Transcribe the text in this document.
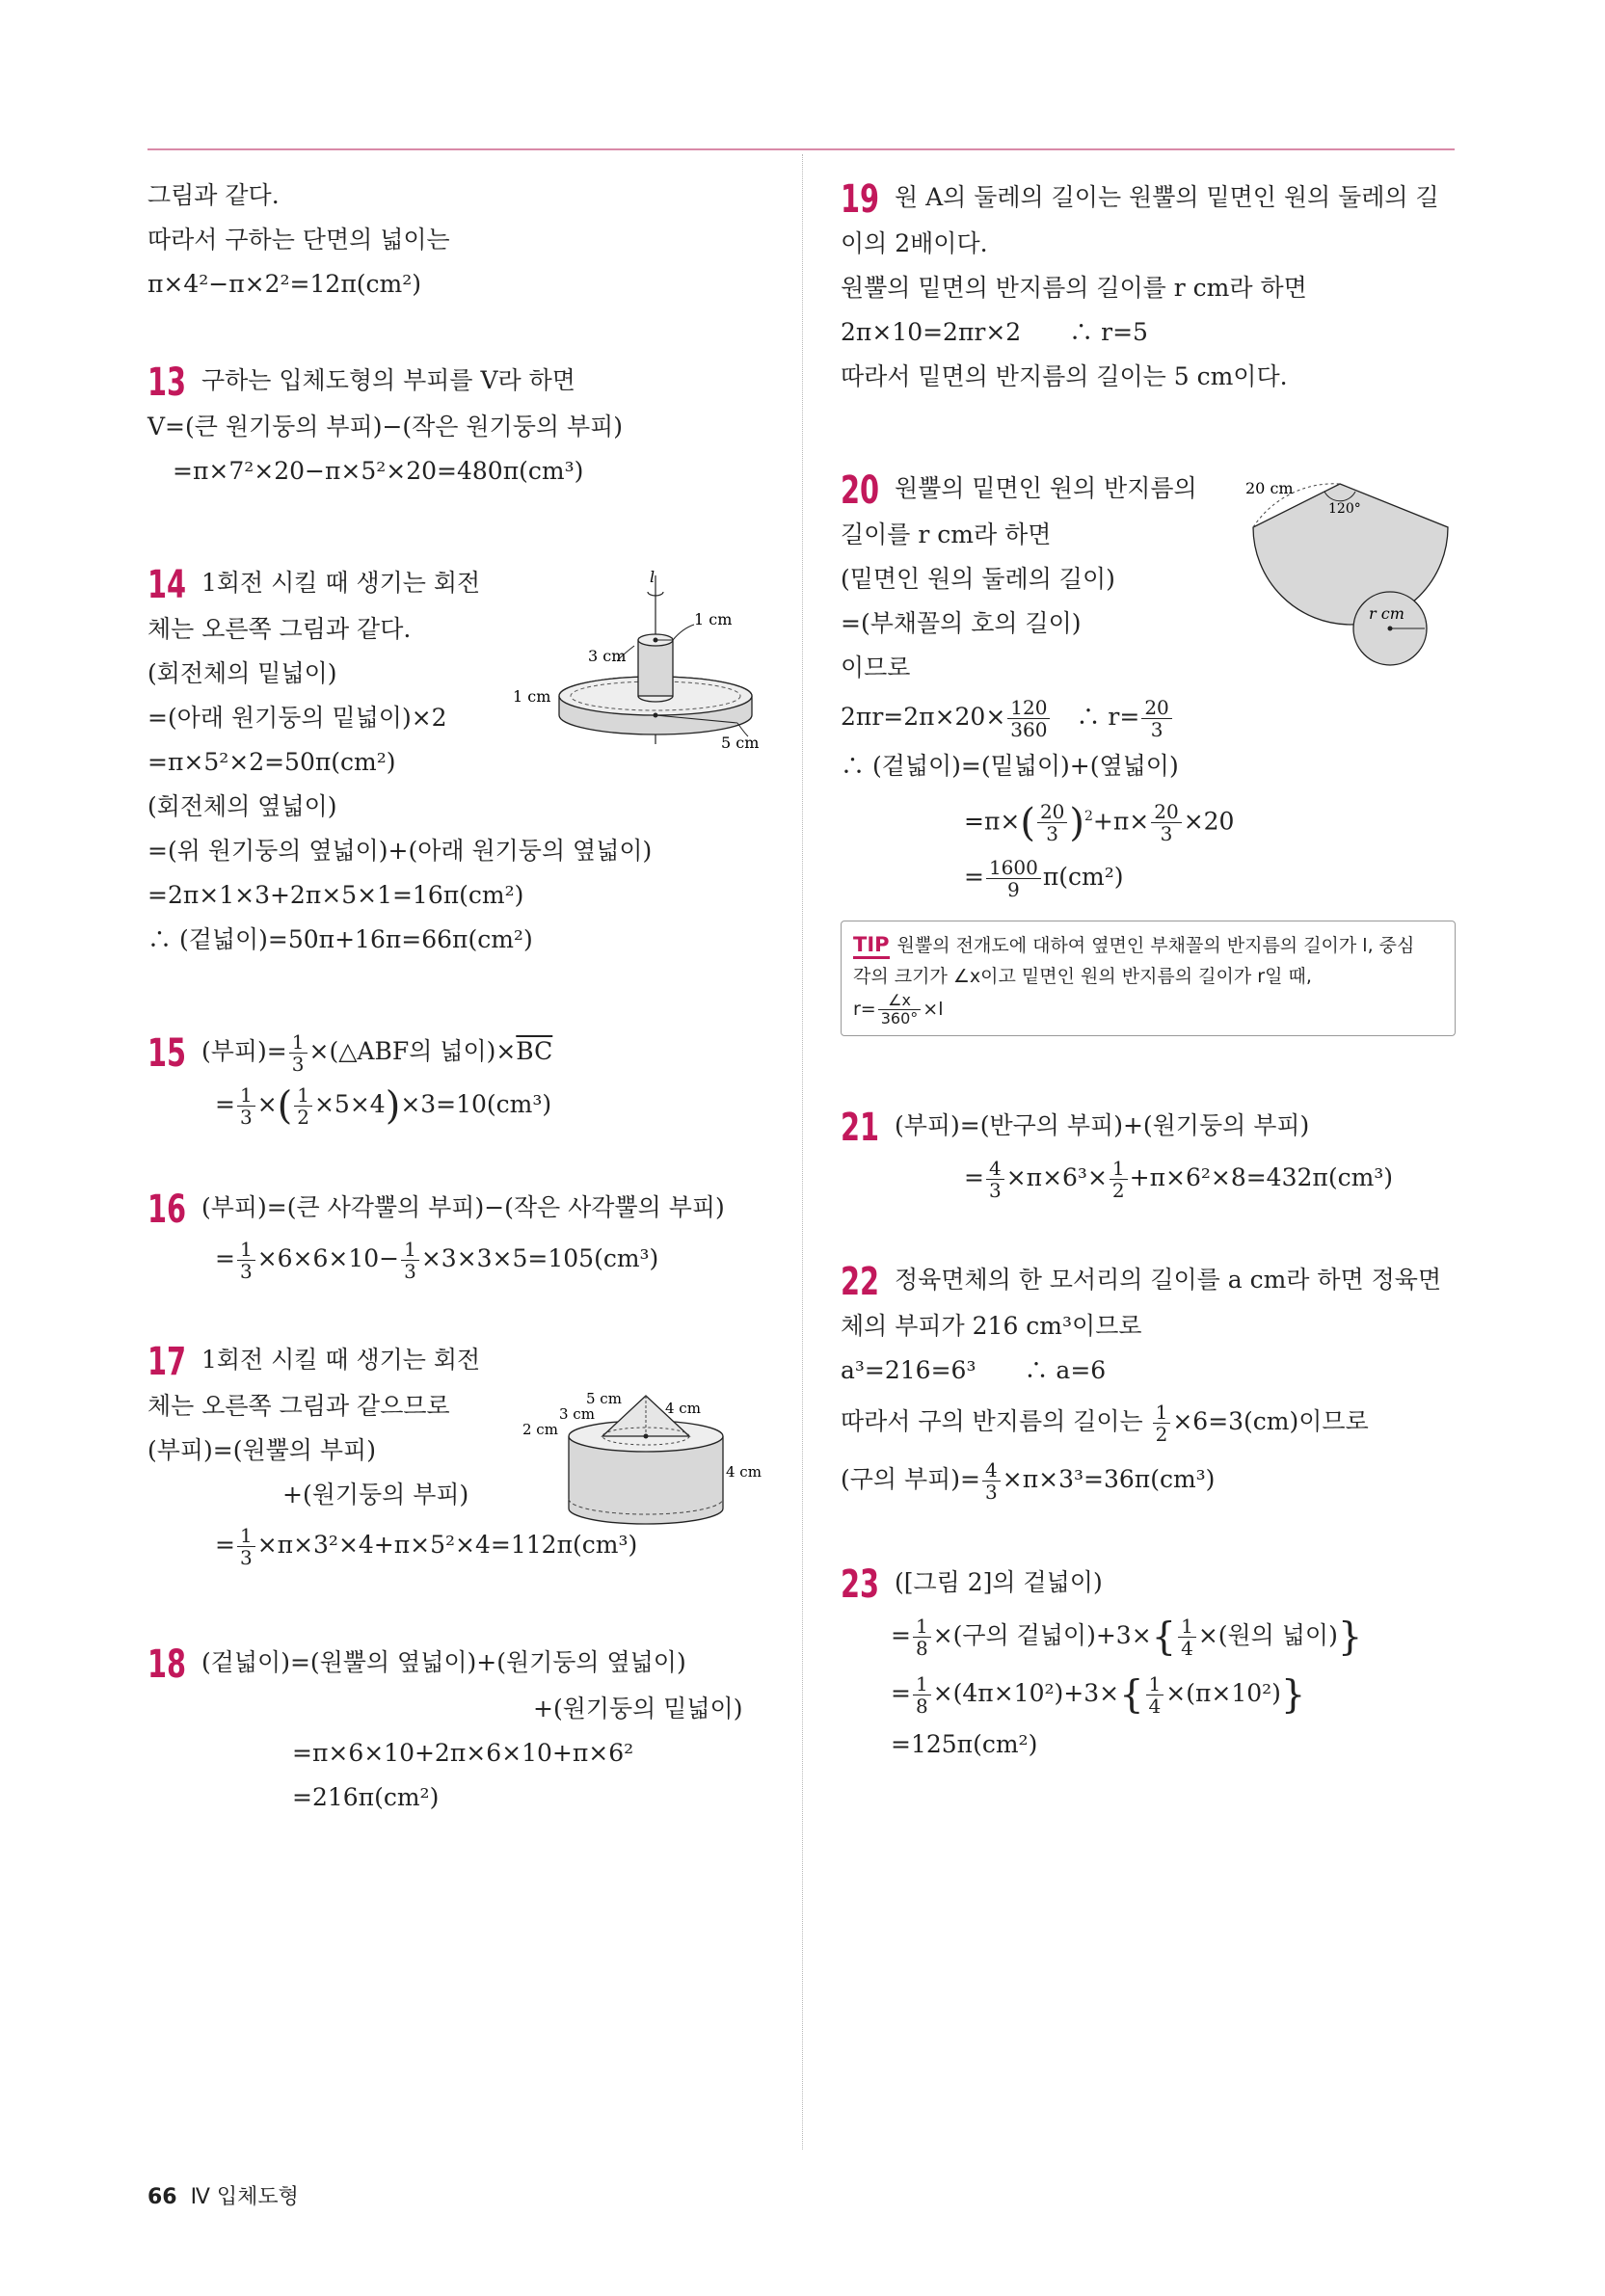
그림과 같다.
따라서 구하는 단면의 넓이는
π×4²−π×2²=12π(cm²)
13 구하는 입체도형의 부피를 V라 하면
V=(큰 원기둥의 부피)−(작은 원기둥의 부피)
=π×7²×20−π×5²×20=480π(cm³)
14 1회전 시킬 때 생기는 회전
체는 오른쪽 그림과 같다.
(회전체의 밑넓이)
=(아래 원기둥의 밑넓이)×2
=π×5²×2=50π(cm²)
(회전체의 옆넓이)
=(위 원기둥의 옆넓이)+(아래 원기둥의 옆넓이)
=2π×1×3+2π×5×1=16π(cm²)
∴ (겉넓이)=50π+16π=66π(cm²)
15 (부피)= $\frac{1}{3}$ ×(△ABF의 넓이)$\times\overline{BC}$
= $\frac{1}{3}$ ×( $\frac{1}{2} \times 5\times 4)\times 3=10(cm^3)$
16 (부피)=(큰 사각뿔의 부피)−(작은 사각뿔의 부피)
= $\frac{1}{3} \times 6\times 6\times 10- \frac{1}{3} \times 3\times 3\times 5=105(cm^3)$
17 1회전 시킬 때 생기는 회전
체는 오른쪽 그림과 같으므로
(부피)=(원뿔의 부피)
+(원기둥의 부피)
= $\frac{1}{3} \times\pi\times 3^2\times 4+\pi\times 5^2\times 4=112\pi(cm^3)$
18 (겉넓이)=(원뿔의 옆넓이)+(원기둥의 옆넓이)
+(원기둥의 밑넓이)
=π×6×10+2π×6×10+π×6²
=216π(cm²)
l
1 cm
3 cm
1 cm
5 cm
5 cm
3 cm	4 cm
2 cm
4 cm
19 원 A의 둘레의 길이는 원뿔의 밑면인 원의 둘레의 길
이의 2배이다.
원뿔의 밑면의 반지름의 길이를 r cm라 하면
2π×10=2πr×2　　∴ r=5
따라서 밑면의 반지름의 길이는 5 cm이다.
20 원뿔의 밑면인 원의 반지름의
길이를 r cm라 하면
(밑면인 원의 둘레의 길이)
=(부채꼴의 호의 길이)
이므로
$2\pi r=2\pi\times 20\times \frac{120}{360}$ 　∴ $r= \frac{20}{3}$
∴ (겉넓이)=(밑넓이)+(옆넓이)
$=\pi\times( \frac{20}{3} )^2+\pi\times \frac{20}{3} \times 20$
= $\frac{1600}{9} \pi(cm^2)$
TIP 원뿔의 전개도에 대하여 옆면인 부채꼴의 반지름의 길이가 l, 중심
각의 크기가 ∠x이고 밑면인 원의 반지름의 길이가 r일 때,
$r= \frac{\angle x}{360^\circ} \times l$
21 (부피)=(반구의 부피)+(원기둥의 부피)
= $\frac{4}{3} \times\pi\times 6^3\times \frac{1}{2} +\pi\times 6^2\times 8=432\pi(cm^3)$
22 정육면체의 한 모서리의 길이를 a cm라 하면 정육면
체의 부피가 216 cm³이므로
a³=216=6³　　∴ a=6
따라서 구의 반지름의 길이는 $\frac{1}{2} \times 6=3(cm)$이므로
(구의 부피)= $\frac{4}{3} \times\pi\times 3^3=36\pi(cm^3)$
23 ([그림 2]의 겉넓이)
= $\frac{1}{8}$ ×(구의 겉넓이)$+3\times\{ \frac{1}{4}$ ×(원의 넓이)}
= $\frac{1}{8} \times(4\pi\times 10^2)+3\times\{ \frac{1}{4} \times(\pi\times 10^2)\}$
=125π(cm²)
20 cm
120°
r cm
66 Ⅳ 입체도형
